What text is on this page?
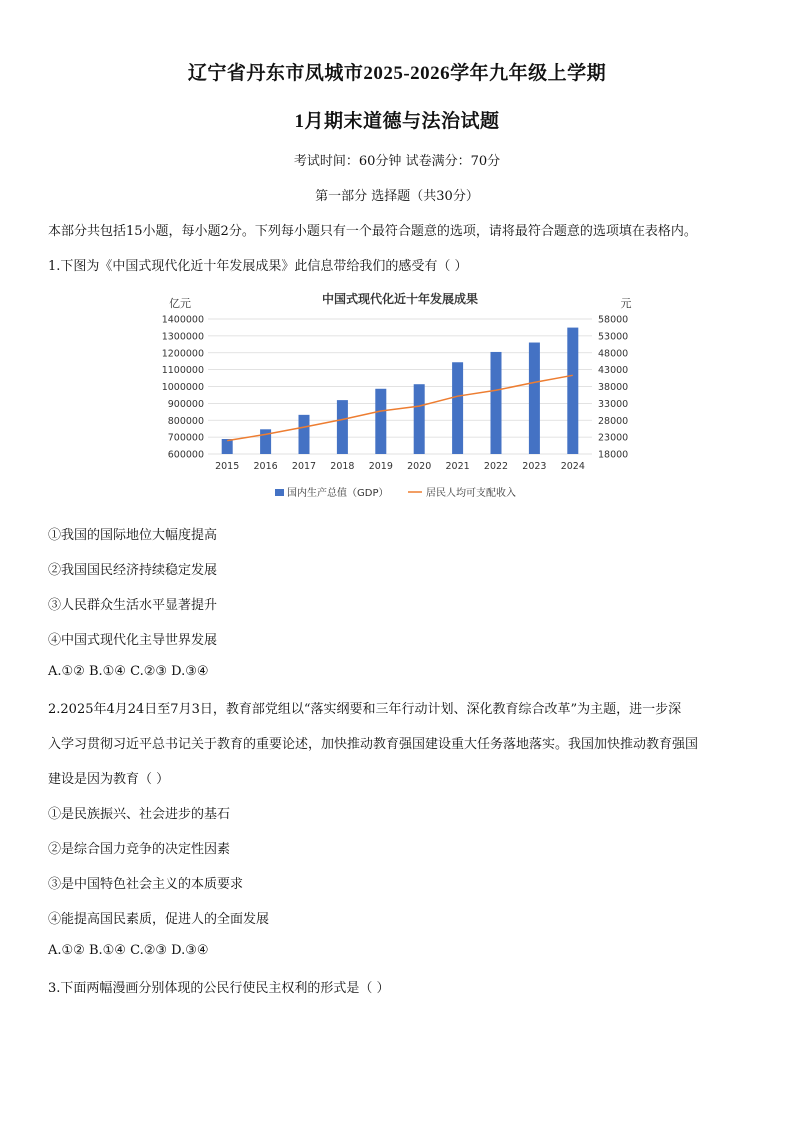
辽宁省丹东市凤城市2025-2026学年九年级上学期
1月期末道德与法治试题
考试时间：60分钟 试卷满分：70分
第一部分 选择题（共30分）
本部分共包括15小题，每小题2分。下列每小题只有一个最符合题意的选项，请将最符合题意的选项填在表格内。
1.下图为《中国式现代化近十年发展成果》此信息带给我们的感受有（ ）
中国式现代化近十年发展成果
亿元	元
1400000	58000
1300000	53000
1200000	48000
1100000	43000
1000000	38000
900000	33000
800000	28000
700000	23000
600000	18000
2015 2016 2017 2018 2019 2020 2021 2022 2023 2024
国内生产总值（GDP）	居民人均可支配收入
①我国的国际地位大幅度提高
②我国国民经济持续稳定发展
③人民群众生活水平显著提升
④中国式现代化主导世界发展
A.①② B.①④ C.②③ D.③④
2.2025年4月24日至7月3日，教育部党组以“落实纲要和三年行动计划、深化教育综合改革”为主题，进一步深
入学习贯彻习近平总书记关于教育的重要论述，加快推动教育强国建设重大任务落地落实。我国加快推动教育强国
建设是因为教育（ ）
①是民族振兴、社会进步的基石
②是综合国力竞争的决定性因素
③是中国特色社会主义的本质要求
④能提高国民素质，促进人的全面发展
A.①② B.①④ C.②③ D.③④
3.下面两幅漫画分别体现的公民行使民主权利的形式是（ ）
